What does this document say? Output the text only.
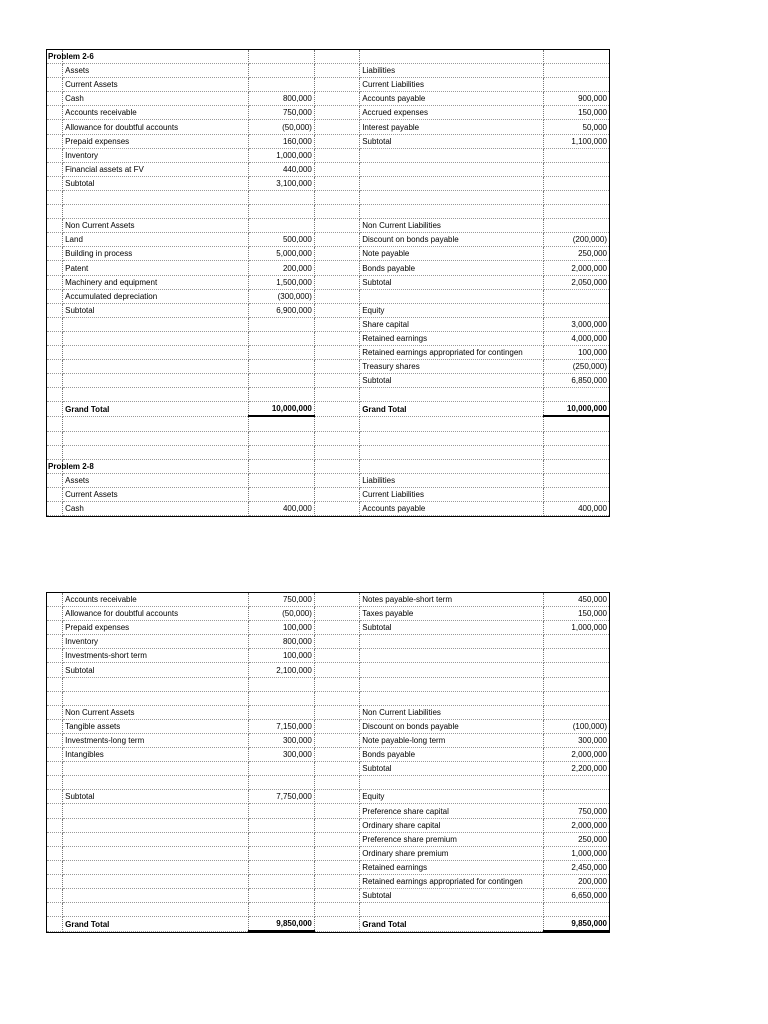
Problem 2-6					
	Assets			Liabilities	
	Current Assets			Current Liabilities	
	Cash	800,000		Accounts payable	900,000
	Accounts receivable	750,000		Accrued expenses	150,000
	Allowance for doubtful accounts	(50,000)		Interest payable	50,000
	Prepaid expenses	160,000		Subtotal	1,100,000
	Inventory	1,000,000			
	Financial assets at FV	440,000			
	Subtotal	3,100,000			

	Non Current Assets			Non Current Liabilities	
	Land	500,000		Discount on bonds payable	(200,000)
	Building in process	5,000,000		Note payable	250,000
	Patent	200,000		Bonds payable	2,000,000
	Machinery and equipment	1,500,000		Subtotal	2,050,000
	Accumulated depreciation	(300,000)			
	Subtotal	6,900,000		Equity	
				Share capital	3,000,000
				Retained earnings	4,000,000
				Retained earnings appropriated for contingen	100,000
				Treasury shares	(250,000)
				Subtotal	6,850,000

	Grand Total	10,000,000		Grand Total	10,000,000

Problem 2-8					
	Assets			Liabilities	
	Current Assets			Current Liabilities	
	Cash	400,000		Accounts payable	400,000
	Accounts receivable	750,000		Notes payable-short term	450,000
	Allowance for doubtful accounts	(50,000)		Taxes payable	150,000
	Prepaid expenses	100,000		Subtotal	1,000,000
	Inventory	800,000			
	Investments-short term	100,000			
	Subtotal	2,100,000			

	Non Current Assets			Non Current Liabilities	
	Tangible assets	7,150,000		Discount on bonds payable	(100,000)
	Investments-long term	300,000		Note payable-long term	300,000
	Intangibles	300,000		Bonds payable	2,000,000
				Subtotal	2,200,000

	Subtotal	7,750,000		Equity	
				Preference share capital	750,000
				Ordinary share capital	2,000,000
				Preference share premium	250,000
				Ordinary share premium	1,000,000
				Retained earnings	2,450,000
				Retained earnings appropriated for contingen	200,000
				Subtotal	6,650,000

	Grand Total	9,850,000		Grand Total	9,850,000
